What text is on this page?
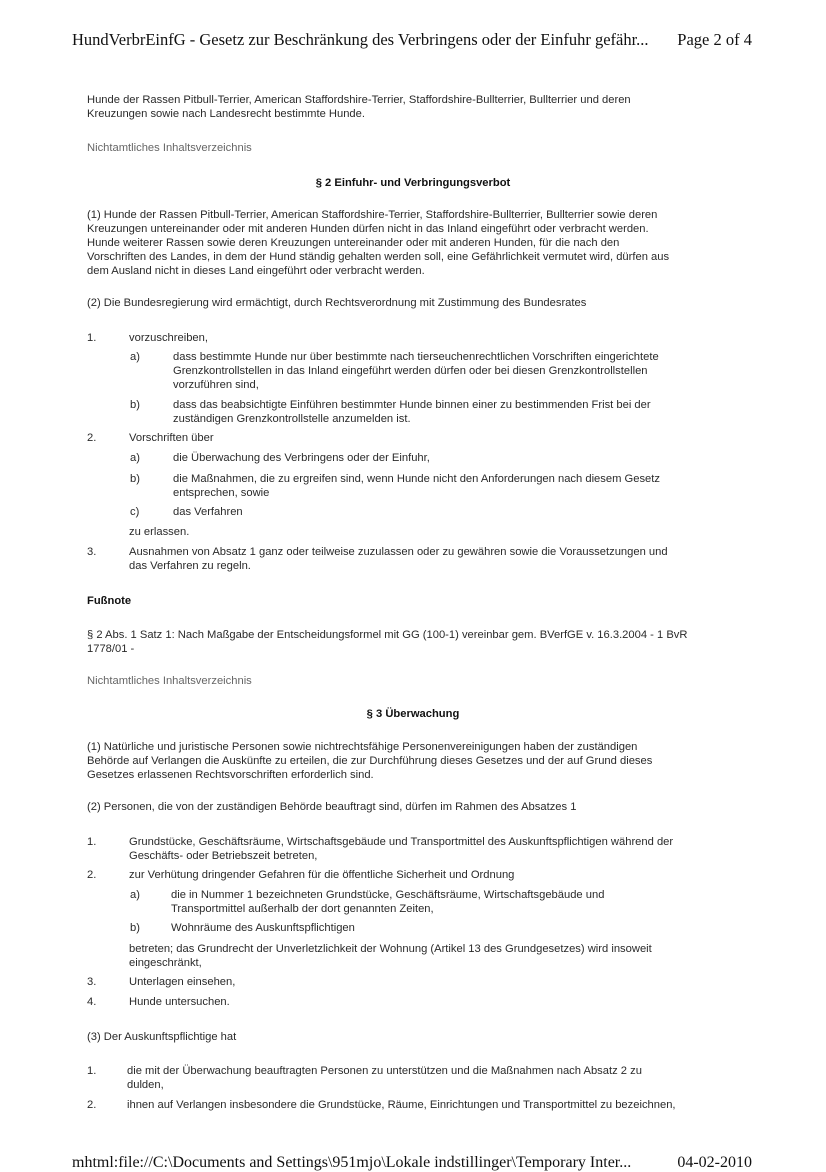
HundVerbrEinfG - Gesetz zur Beschränkung des Verbringens oder der Einfuhr gefähr... Page 2 of 4
Hunde der Rassen Pitbull-Terrier, American Staffordshire-Terrier, Staffordshire-Bullterrier, Bullterrier und deren
Kreuzungen sowie nach Landesrecht bestimmte Hunde.
Nichtamtliches Inhaltsverzeichnis
§ 2 Einfuhr- und Verbringungsverbot
(1) Hunde der Rassen Pitbull-Terrier, American Staffordshire-Terrier, Staffordshire-Bullterrier, Bullterrier sowie deren
Kreuzungen untereinander oder mit anderen Hunden dürfen nicht in das Inland eingeführt oder verbracht werden.
Hunde weiterer Rassen sowie deren Kreuzungen untereinander oder mit anderen Hunden, für die nach den
Vorschriften des Landes, in dem der Hund ständig gehalten werden soll, eine Gefährlichkeit vermutet wird, dürfen aus
dem Ausland nicht in dieses Land eingeführt oder verbracht werden.
(2) Die Bundesregierung wird ermächtigt, durch Rechtsverordnung mit Zustimmung des Bundesrates
1.	vorzuschreiben,
a)	dass bestimmte Hunde nur über bestimmte nach tierseuchenrechtlichen Vorschriften eingerichtete
Grenzkontrollstellen in das Inland eingeführt werden dürfen oder bei diesen Grenzkontrollstellen
vorzuführen sind,
b)	dass das beabsichtigte Einführen bestimmter Hunde binnen einer zu bestimmenden Frist bei der
zuständigen Grenzkontrollstelle anzumelden ist.
2.	Vorschriften über
a)	die Überwachung des Verbringens oder der Einfuhr,
b)	die Maßnahmen, die zu ergreifen sind, wenn Hunde nicht den Anforderungen nach diesem Gesetz
entsprechen, sowie
c)	das Verfahren
zu erlassen.
3.	Ausnahmen von Absatz 1 ganz oder teilweise zuzulassen oder zu gewähren sowie die Voraussetzungen und
das Verfahren zu regeln.
Fußnote
§ 2 Abs. 1 Satz 1: Nach Maßgabe der Entscheidungsformel mit GG (100-1) vereinbar gem. BVerfGE v. 16.3.2004 - 1 BvR
1778/01 -
Nichtamtliches Inhaltsverzeichnis
§ 3 Überwachung
(1) Natürliche und juristische Personen sowie nichtrechtsfähige Personenvereinigungen haben der zuständigen
Behörde auf Verlangen die Auskünfte zu erteilen, die zur Durchführung dieses Gesetzes und der auf Grund dieses
Gesetzes erlassenen Rechtsvorschriften erforderlich sind.
(2) Personen, die von der zuständigen Behörde beauftragt sind, dürfen im Rahmen des Absatzes 1
1.	Grundstücke, Geschäftsräume, Wirtschaftsgebäude und Transportmittel des Auskunftspflichtigen während der
Geschäfts- oder Betriebszeit betreten,
2.	zur Verhütung dringender Gefahren für die öffentliche Sicherheit und Ordnung
a)	die in Nummer 1 bezeichneten Grundstücke, Geschäftsräume, Wirtschaftsgebäude und
Transportmittel außerhalb der dort genannten Zeiten,
b)	Wohnräume des Auskunftspflichtigen
betreten; das Grundrecht der Unverletzlichkeit der Wohnung (Artikel 13 des Grundgesetzes) wird insoweit
eingeschränkt,
3.	Unterlagen einsehen,
4.	Hunde untersuchen.
(3) Der Auskunftspflichtige hat
1.	die mit der Überwachung beauftragten Personen zu unterstützen und die Maßnahmen nach Absatz 2 zu
dulden,
2.	ihnen auf Verlangen insbesondere die Grundstücke, Räume, Einrichtungen und Transportmittel zu bezeichnen,
mhtml:file://C:\Documents and Settings\951mjo\Lokale indstillinger\Temporary Inter...	04-02-2010
